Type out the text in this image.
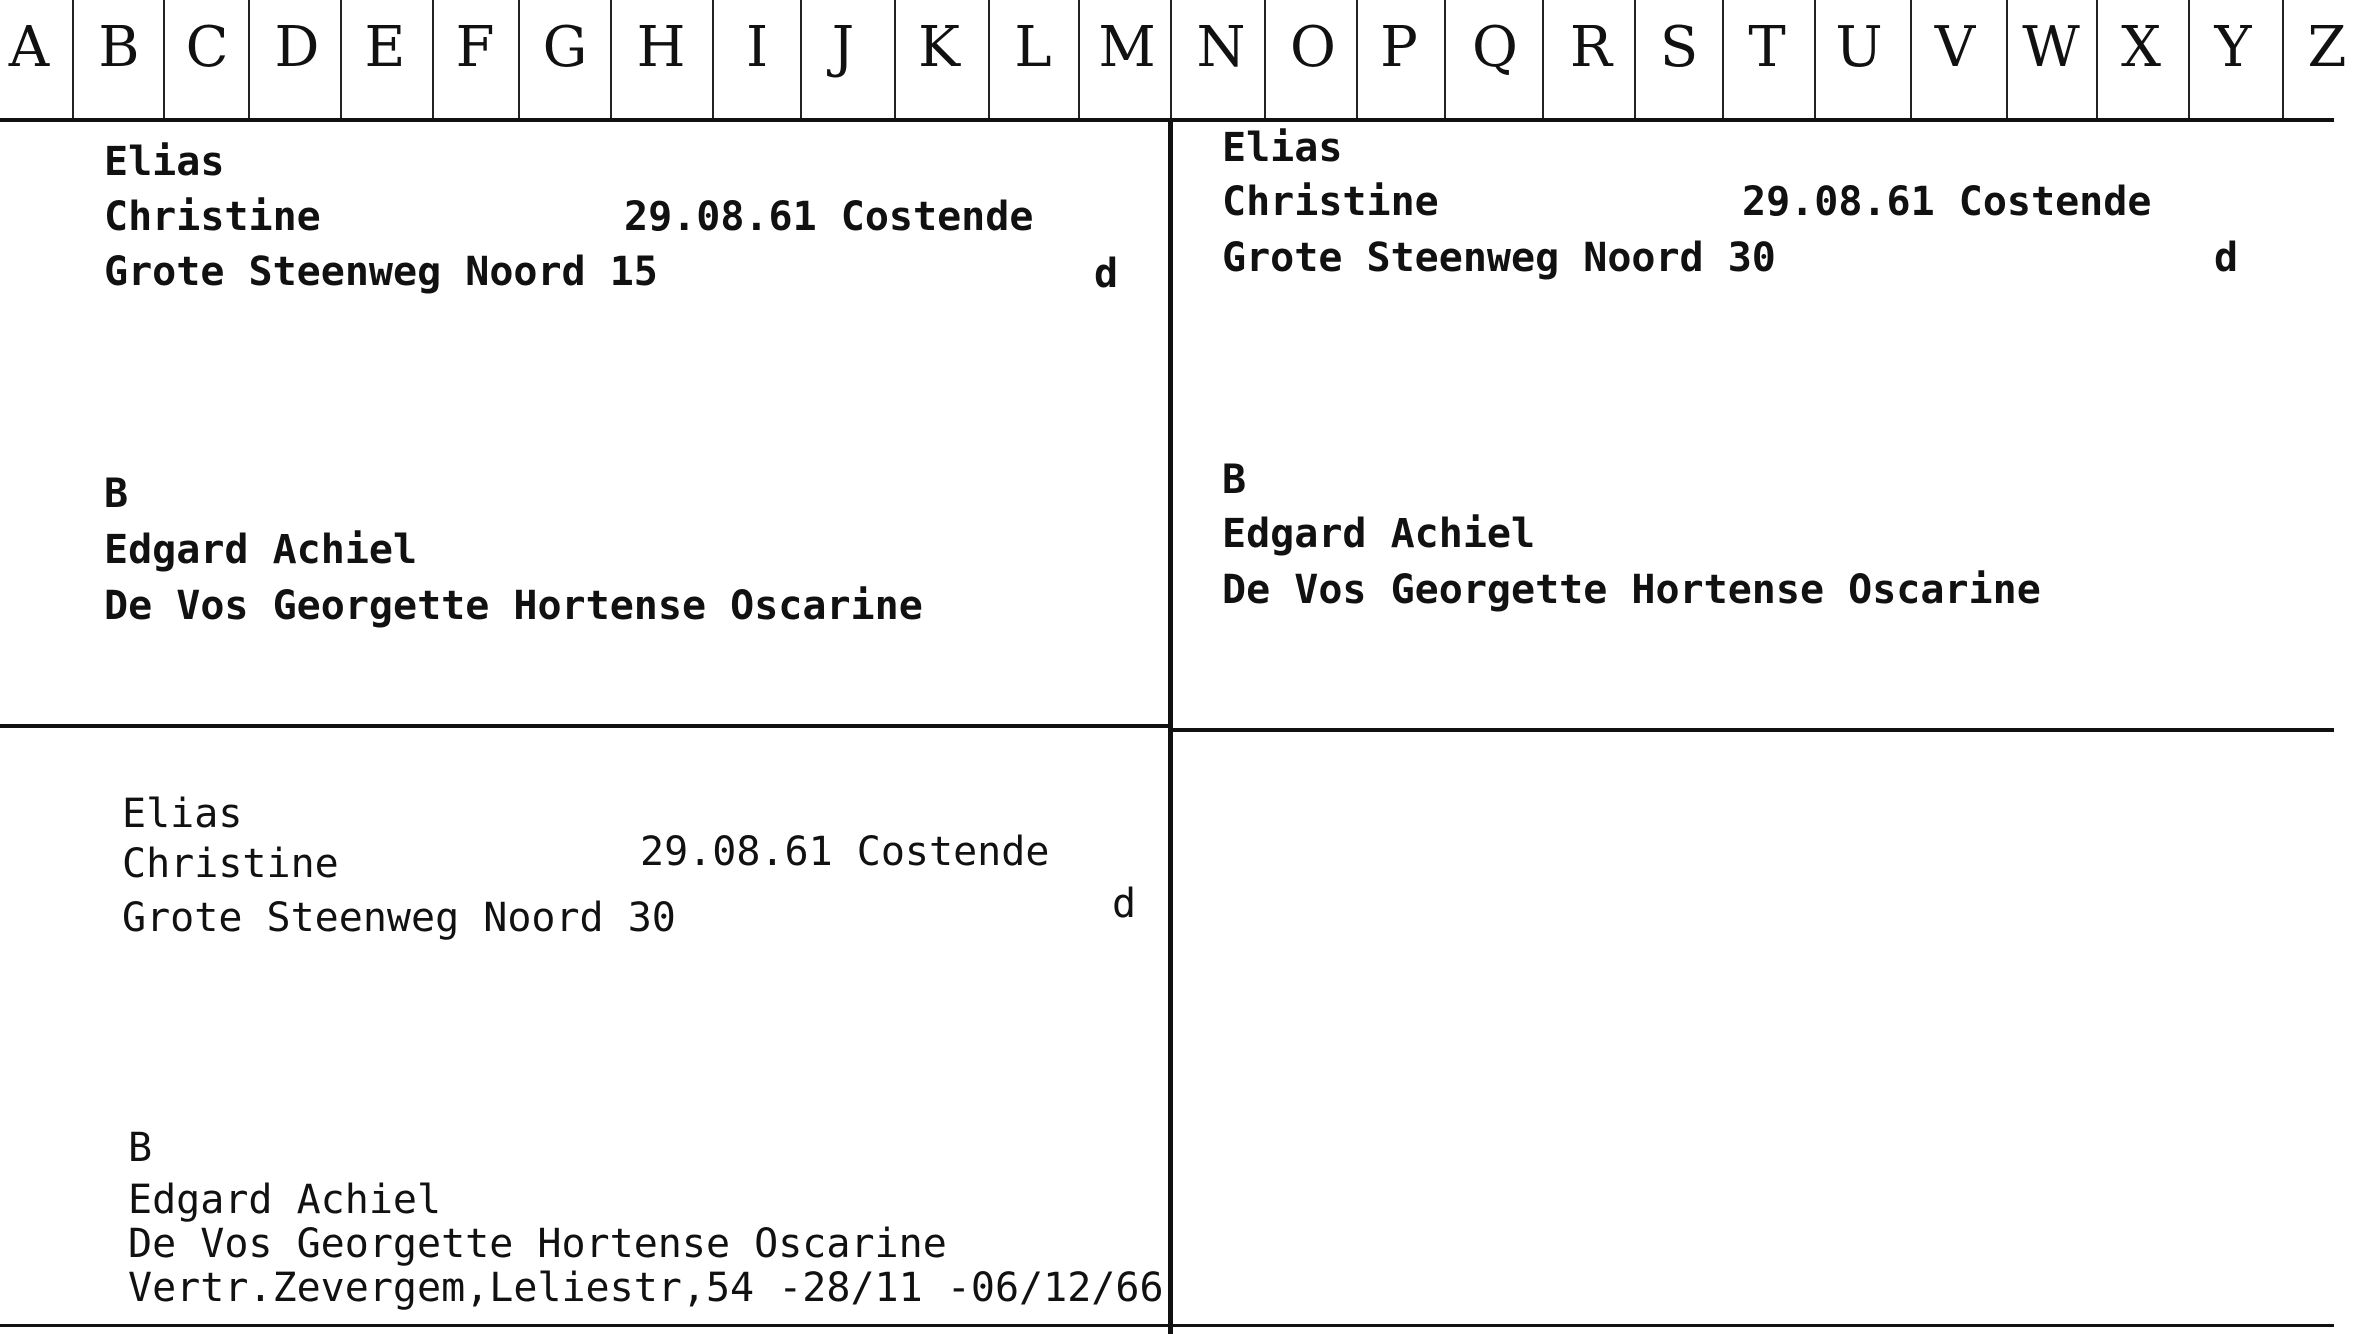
A B C D E F G H	I	J	K L M N O P Q R S T U V W X Y	Z
Elias
Christine	29.08.61 Costende
Grote Steenweg Noord 15	d
B
Edgard Achiel
De Vos Georgette Hortense Oscarine
Elias
Christine	29.08.61 Costende
Grote Steenweg Noord 30	d
B
Edgard Achiel
De Vos Georgette Hortense Oscarine
Elias
Christine	29.08.61 Costende
Grote Steenweg Noord 30	d
B
Edgard Achiel
De Vos Georgette Hortense Oscarine
Vertr.Zevergem,Leliestr,54 -28/11 -06/12/66
